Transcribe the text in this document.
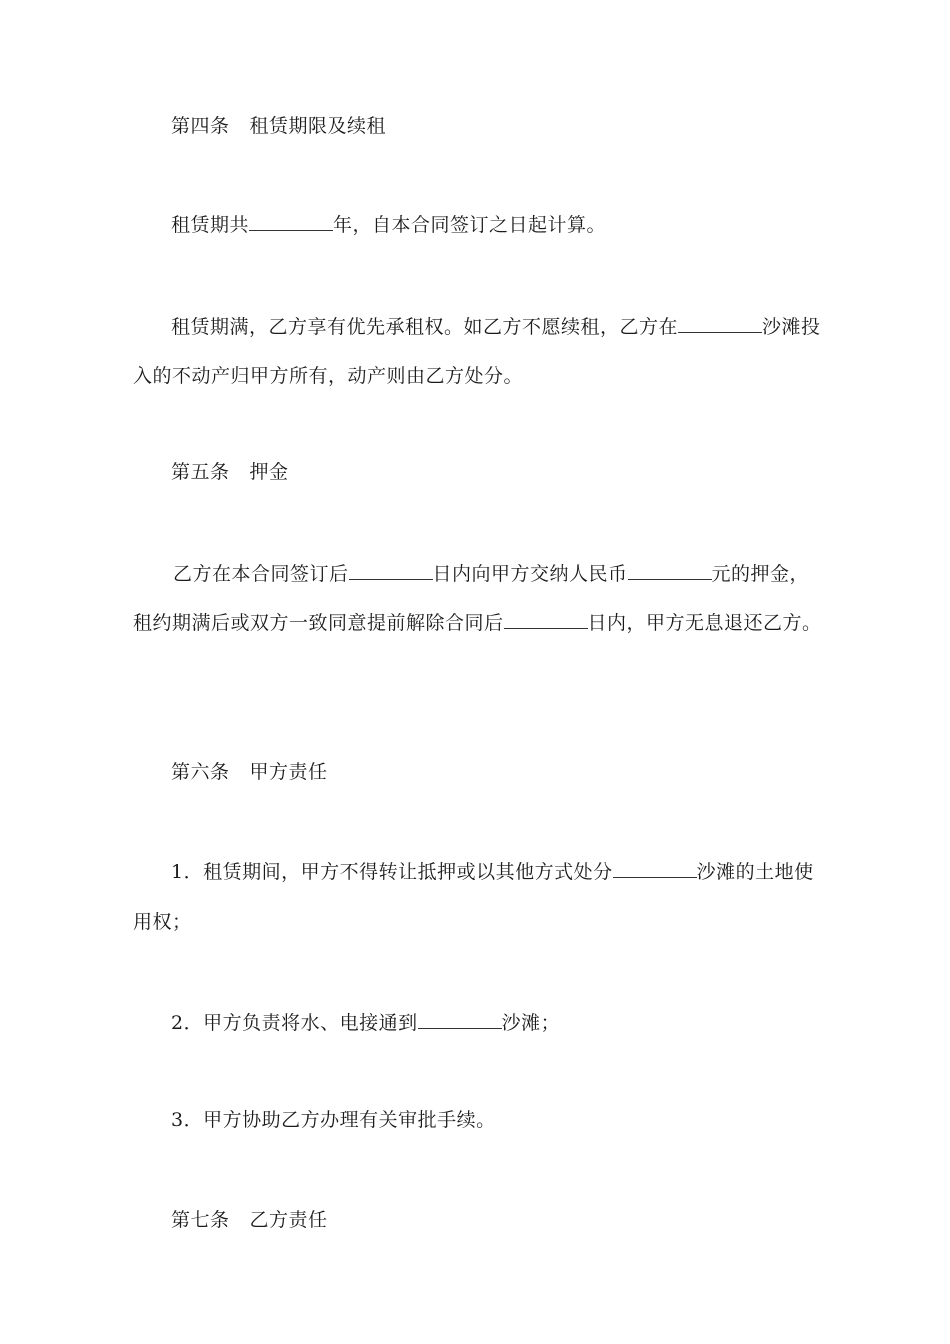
第四条 租赁期限及续租
租赁期共	年，自本合同签订之日起计算。
租赁期满，乙方享有优先承租权。如乙方不愿续租，乙方在	沙滩投
入的不动产归甲方所有，动产则由乙方处分。
第五条 押金
乙方在本合同签订后	日内向甲方交纳人民币	元的押金，
租约期满后或双方一致同意提前解除合同后	日内，甲方无息退还乙方。
第六条 甲方责任
1．租赁期间，甲方不得转让抵押或以其他方式处分	沙滩的土地使
用权；
2．甲方负责将水、电接通到	沙滩；
3．甲方协助乙方办理有关审批手续。
第七条 乙方责任
